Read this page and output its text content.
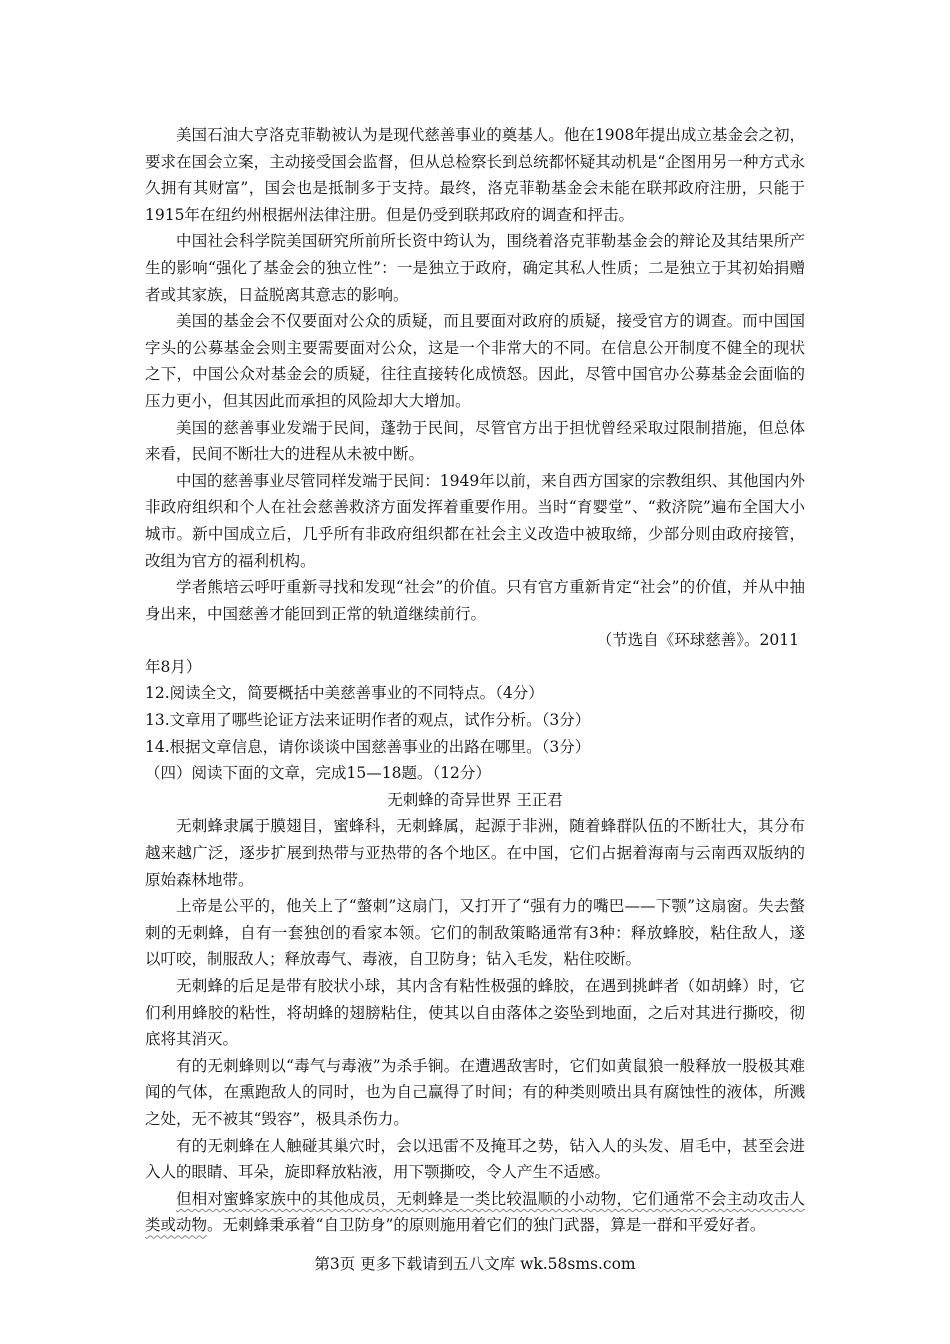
美国石油大亨洛克菲勒被认为是现代慈善事业的奠基人。他在1908年提出成立基金会之初，要求在国会立案，主动接受国会监督，但从总检察长到总统都怀疑其动机是“企图用另一种方式永久拥有其财富”，国会也是抵制多于支持。最终，洛克菲勒基金会未能在联邦政府注册，只能于1915年在纽约州根据州法律注册。但是仍受到联邦政府的调查和抨击。

中国社会科学院美国研究所前所长资中筠认为，围绕着洛克菲勒基金会的辩论及其结果所产生的影响“强化了基金会的独立性”：一是独立于政府，确定其私人性质；二是独立于其初始捐赠者或其家族，日益脱离其意志的影响。

美国的基金会不仅要面对公众的质疑，而且要面对政府的质疑，接受官方的调查。而中国国字头的公募基金会则主要需要面对公众，这是一个非常大的不同。在信息公开制度不健全的现状之下，中国公众对基金会的质疑，往往直接转化成愤怒。因此，尽管中国官办公募基金会面临的压力更小，但其因此而承担的风险却大大增加。

美国的慈善事业发端于民间，蓬勃于民间，尽管官方出于担忧曾经采取过限制措施，但总体来看，民间不断壮大的进程从未被中断。

中国的慈善事业尽管同样发端于民间：1949年以前，来自西方国家的宗教组织、其他国内外非政府组织和个人在社会慈善救济方面发挥着重要作用。当时“育婴堂”、“救济院”遍布全国大小城市。新中国成立后，几乎所有非政府组织都在社会主义改造中被取缔，少部分则由政府接管，改组为官方的福利机构。

学者熊培云呼吁重新寻找和发现“社会”的价值。只有官方重新肯定“社会”的价值，并从中抽身出来，中国慈善才能回到正常的轨道继续前行。

（节选自《环球慈善》。2011

年8月）

12.阅读全文，简要概括中美慈善事业的不同特点。（4分）

13.文章用了哪些论证方法来证明作者的观点，试作分析。（3分）

14.根据文章信息，请你谈谈中国慈善事业的出路在哪里。（3分）

（四）阅读下面的文章，完成15—18题。（12分）

无刺蜂的奇异世界 王正君

无刺蜂隶属于膜翅目，蜜蜂科，无刺蜂属，起源于非洲，随着蜂群队伍的不断壮大，其分布越来越广泛，逐步扩展到热带与亚热带的各个地区。在中国，它们占据着海南与云南西双版纳的原始森林地带。

上帝是公平的，他关上了“螫刺”这扇门，又打开了“强有力的嘴巴——下颚”这扇窗。失去螫刺的无刺蜂，自有一套独创的看家本领。它们的制敌策略通常有3种：释放蜂胶，粘住敌人，遂以叮咬，制服敌人；释放毒气、毒液，自卫防身；钻入毛发，粘住咬断。

无刺蜂的后足是带有胶状小球，其内含有粘性极强的蜂胶，在遇到挑衅者（如胡蜂）时，它们利用蜂胶的粘性，将胡蜂的翅膀粘住，使其以自由落体之姿坠到地面，之后对其进行撕咬，彻底将其消灭。

有的无刺蜂则以“毒气与毒液”为杀手锏。在遭遇敌害时，它们如黄鼠狼一般释放一股极其难闻的气体，在熏跑敌人的同时，也为自己赢得了时间；有的种类则喷出具有腐蚀性的液体，所溅之处，无不被其“毁容”，极具杀伤力。

有的无刺蜂在人触碰其巢穴时，会以迅雷不及掩耳之势，钻入人的头发、眉毛中，甚至会进入人的眼睛、耳朵，旋即释放粘液，用下颚撕咬，令人产生不适感。

但相对蜜蜂家族中的其他成员，无刺蜂是一类比较温顺的小动物，它们通常不会主动攻击人类或动物。无刺蜂秉承着“自卫防身”的原则施用着它们的独门武器，算是一群和平爱好者。

第3页 更多下载请到五八文库 wk.58sms.com
